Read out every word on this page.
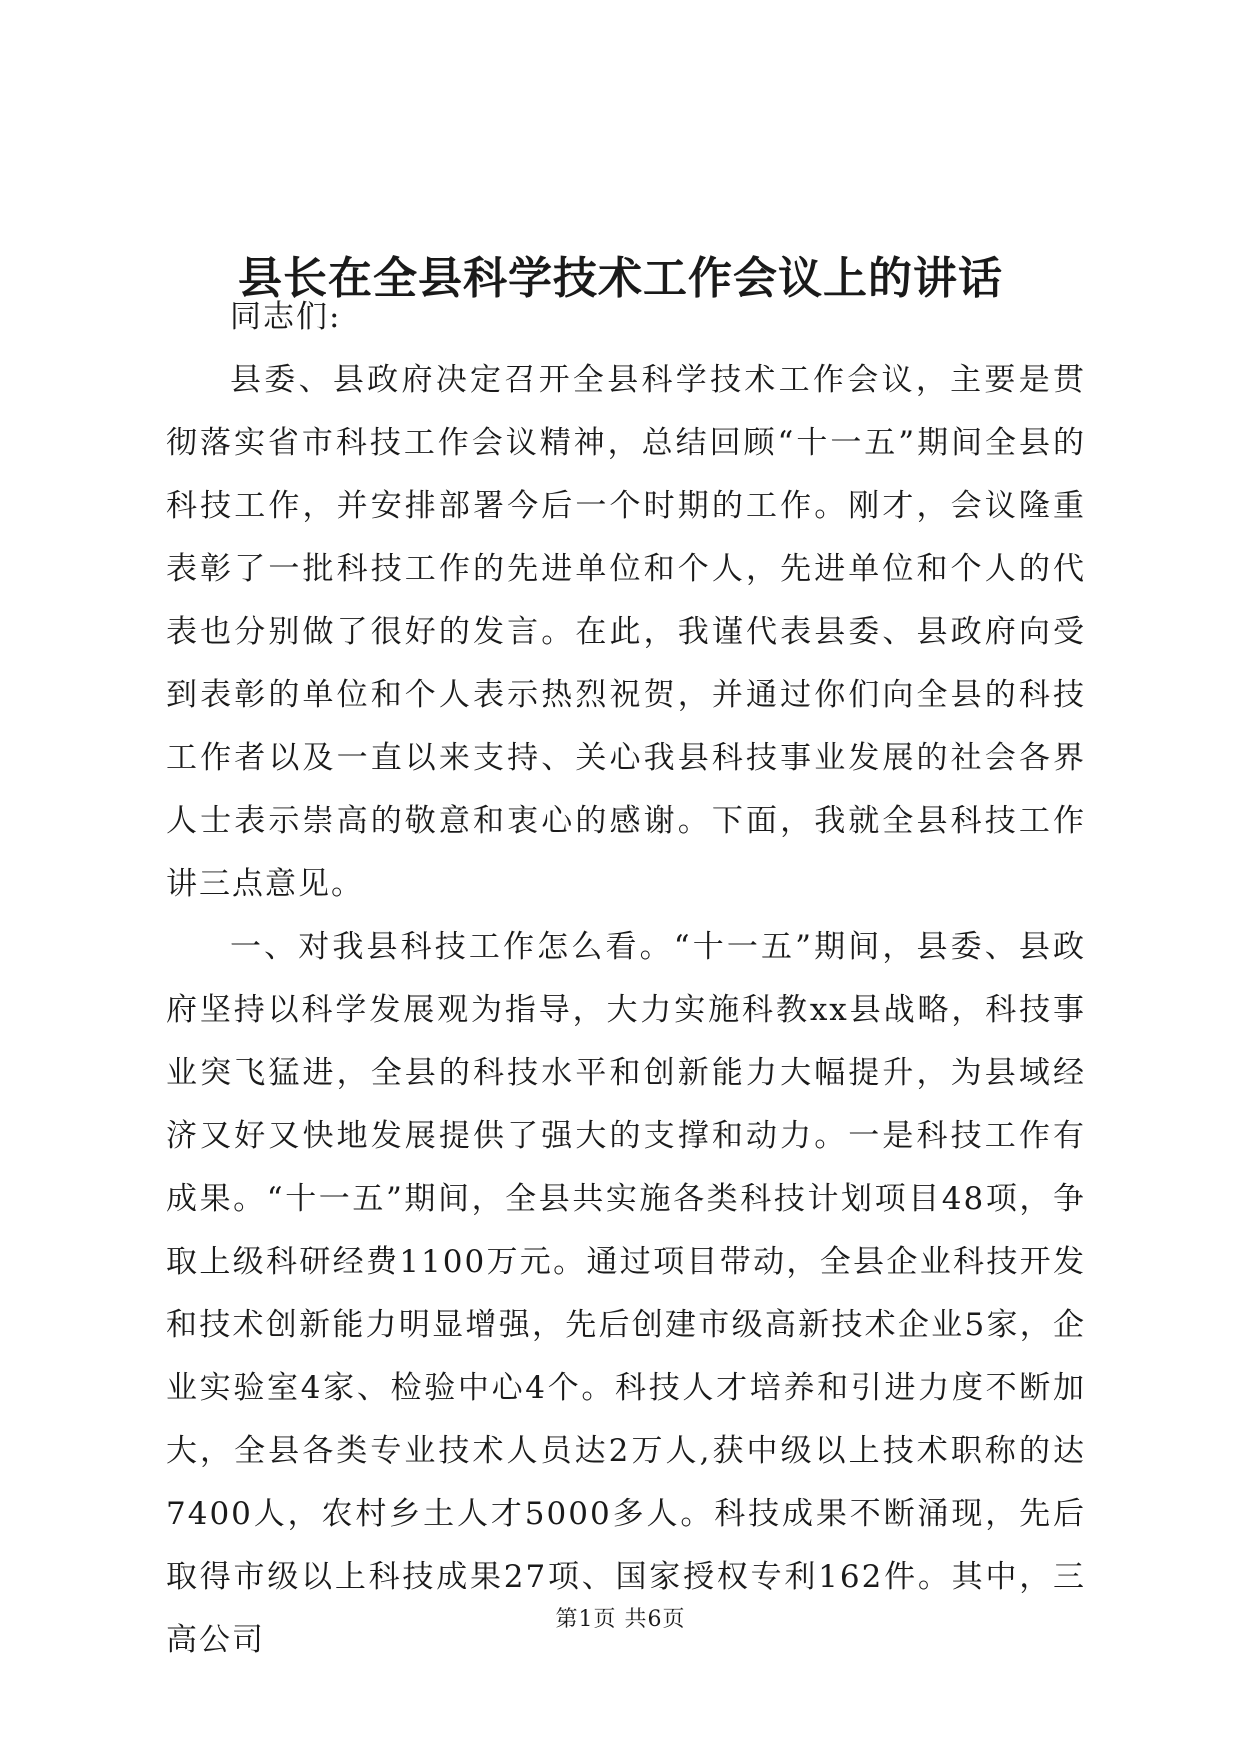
县长在全县科学技术工作会议上的讲话

同志们:

县委、县政府决定召开全县科学技术工作会议，主要是贯彻落实省市科技工作会议精神，总结回顾“十一五”期间全县的科技工作，并安排部署今后一个时期的工作。刚才，会议隆重表彰了一批科技工作的先进单位和个人，先进单位和个人的代表也分别做了很好的发言。在此，我谨代表县委、县政府向受到表彰的单位和个人表示热烈祝贺，并通过你们向全县的科技工作者以及一直以来支持、关心我县科技事业发展的社会各界人士表示崇高的敬意和衷心的感谢。下面，我就全县科技工作讲三点意见。

一、对我县科技工作怎么看。“十一五”期间，县委、县政府坚持以科学发展观为指导，大力实施科教xx县战略，科技事业突飞猛进，全县的科技水平和创新能力大幅提升，为县域经济又好又快地发展提供了强大的支撑和动力。一是科技工作有成果。“十一五”期间，全县共实施各类科技计划项目48项，争取上级科研经费1100万元。通过项目带动，全县企业科技开发和技术创新能力明显增强，先后创建市级高新技术企业5家，企业实验室4家、检验中心4个。科技人才培养和引进力度不断加大，全县各类专业技术人员达2万人,获中级以上技术职称的达7400人，农村乡土人才5000多人。科技成果不断涌现，先后取得市级以上科技成果27项、国家授权专利162件。其中，三高公司

第1页 共6页
